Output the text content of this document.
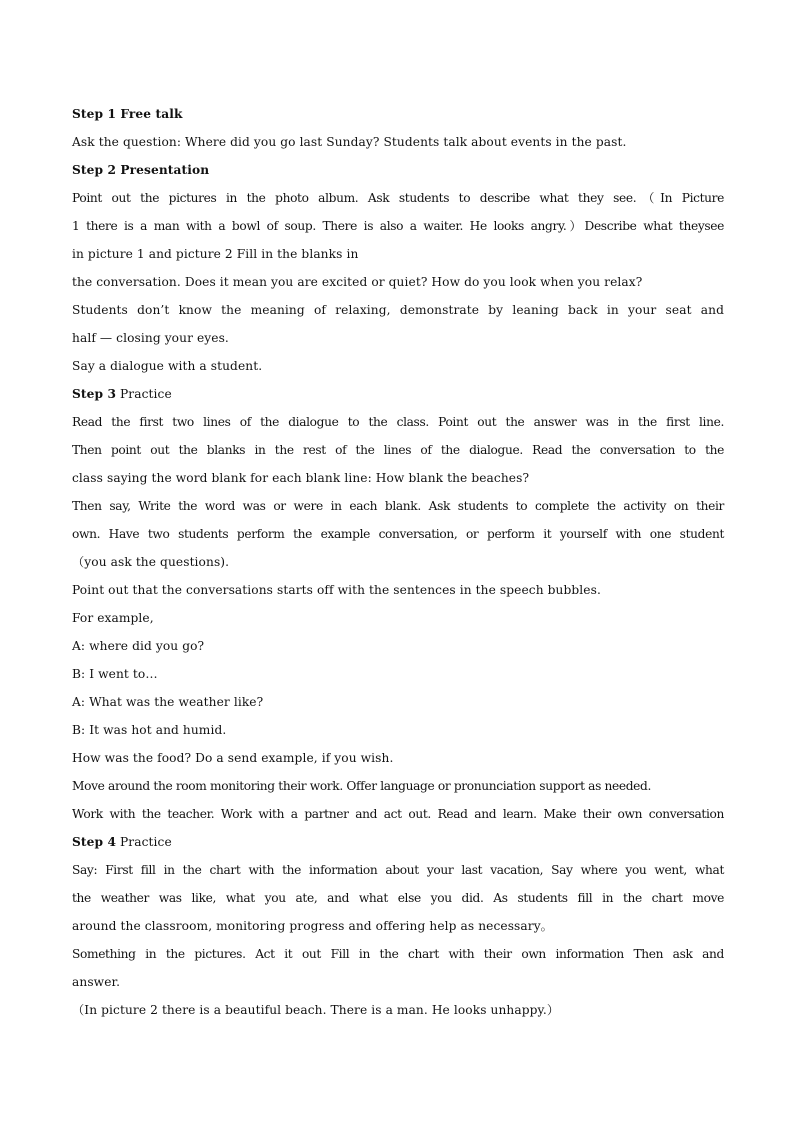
Step 1 Free talk
Ask the question: Where did you go last Sunday? Students talk about events in the past.
Step 2 Presentation
Point out the pictures in the photo album. Ask students to describe what they see.（In Picture
1 there is a man with a bowl of soup. There is also a waiter. He looks angry.）Describe what theysee
in picture 1 and picture 2 Fill in the blanks in
the conversation. Does it mean you are excited or quiet? How do you look when you relax?
Students don’t know the meaning of relaxing, demonstrate by leaning back in your seat and
half — closing your eyes.
Say a dialogue with a student.
Step 3 Practice
Read the first two lines of the dialogue to the class. Point out the answer was in the first line.
Then point out the blanks in the rest of the lines of the dialogue. Read the conversation to the
class saying the word blank for each blank line: How blank the beaches?
Then say, Write the word was or were in each blank. Ask students to complete the activity on their
own. Have two students perform the example conversation, or perform it yourself with one student
（you ask the questions).
Point out that the conversations starts off with the sentences in the speech bubbles.
For example,
A: where did you go?
B: I went to…
A: What was the weather like?
B: It was hot and humid.
How was the food? Do a send example, if you wish.
Move around the room monitoring their work. Offer language or pronunciation support as needed.
Work with the teacher. Work with a partner and act out. Read and learn. Make their own conversation
Step 4 Practice
Say: First fill in the chart with the information about your last vacation, Say where you went, what
the weather was like, what you ate, and what else you did. As students fill in the chart move
around the classroom, monitoring progress and offering help as necessary。
Something in the pictures. Act it out Fill in the chart with their own information Then ask and
answer.
（In picture 2 there is a beautiful beach. There is a man. He looks unhappy.）
